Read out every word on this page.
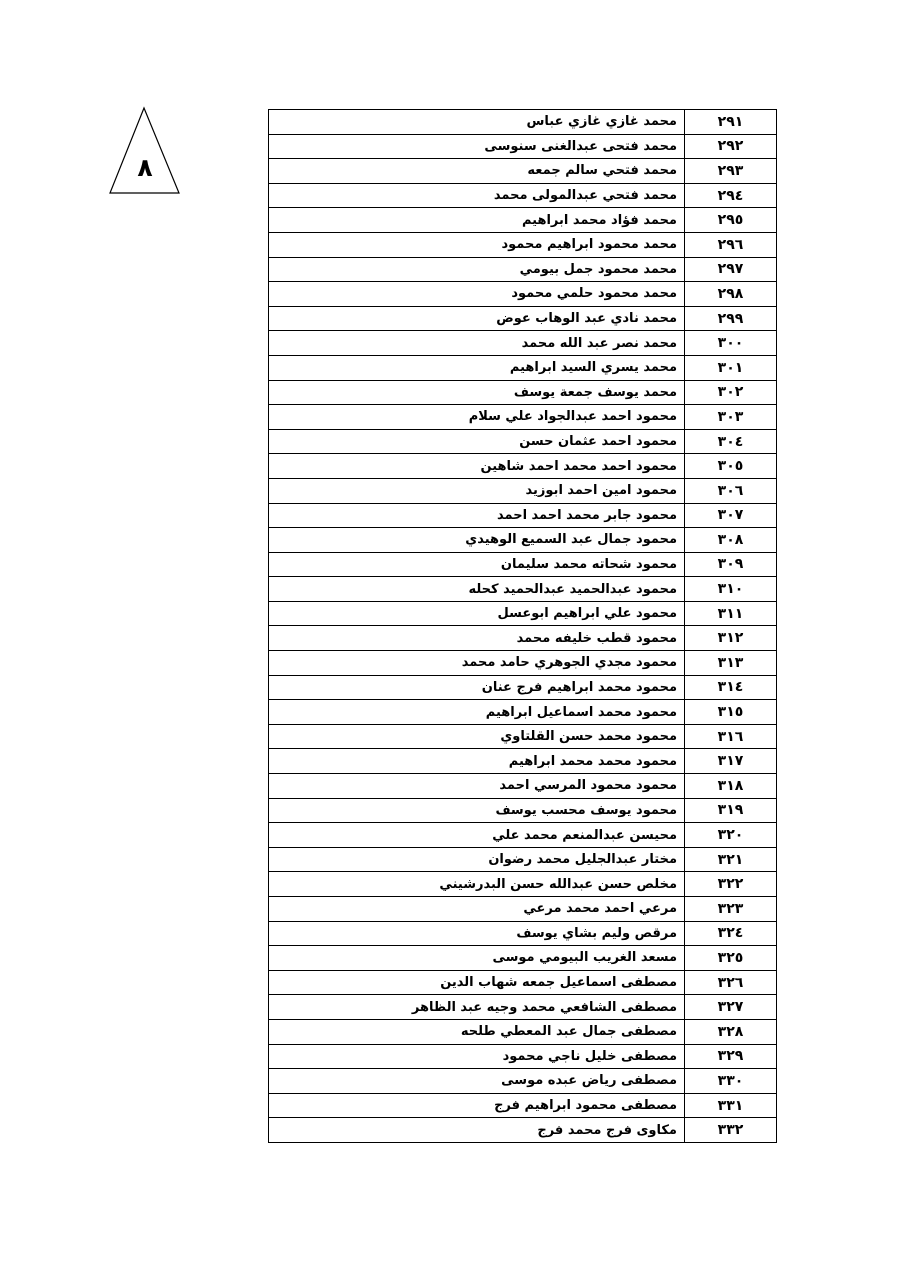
٨
محمد غازي غازي عباس	٢٩١
محمد فتحى عبدالغنى سنوسى	٢٩٢
محمد فتحي سالم جمعه	٢٩٣
محمد فتحي عبدالمولى محمد	٢٩٤
محمد فؤاد محمد ابراهيم	٢٩٥
محمد محمود ابراهيم محمود	٢٩٦
محمد محمود جمل بيومي	٢٩٧
محمد محمود حلمي محمود	٢٩٨
محمد نادي عبد الوهاب عوض	٢٩٩
محمد نصر عبد الله محمد	٣٠٠
محمد يسري السيد ابراهيم	٣٠١
محمد يوسف جمعة يوسف	٣٠٢
محمود احمد عبدالجواد علي سلام	٣٠٣
محمود احمد عثمان حسن	٣٠٤
محمود احمد محمد احمد شاهين	٣٠٥
محمود امين احمد ابوزيد	٣٠٦
محمود جابر محمد احمد احمد	٣٠٧
محمود جمال عبد السميع الوهيدي	٣٠٨
محمود شحاته محمد سليمان	٣٠٩
محمود عبدالحميد عبدالحميد كحله	٣١٠
محمود علي ابراهيم ابوعسل	٣١١
محمود قطب خليفه محمد	٣١٢
محمود مجدي الجوهري حامد محمد	٣١٣
محمود محمد ابراهيم فرج عنان	٣١٤
محمود محمد اسماعيل ابراهيم	٣١٥
محمود محمد حسن القلتاوي	٣١٦
محمود محمد محمد ابراهيم	٣١٧
محمود محمود المرسي احمد	٣١٨
محمود يوسف محسب يوسف	٣١٩
محيسن عبدالمنعم محمد علي	٣٢٠
مختار عبدالجليل محمد رضوان	٣٢١
مخلص حسن عبدالله حسن البدرشيني	٣٢٢
مرعي احمد محمد مرعي	٣٢٣
مرقص وليم بشاي يوسف	٣٢٤
مسعد الغريب البيومي موسى	٣٢٥
مصطفى اسماعيل جمعه شهاب الدين	٣٢٦
مصطفى الشافعي محمد وجيه عبد الظاهر	٣٢٧
مصطفى جمال عبد المعطي طلحه	٣٢٨
مصطفى خليل ناجي محمود	٣٢٩
مصطفى رياض عبده موسى	٣٣٠
مصطفى محمود ابراهيم فرج	٣٣١
مكاوى فرج محمد فرج	٣٣٢
